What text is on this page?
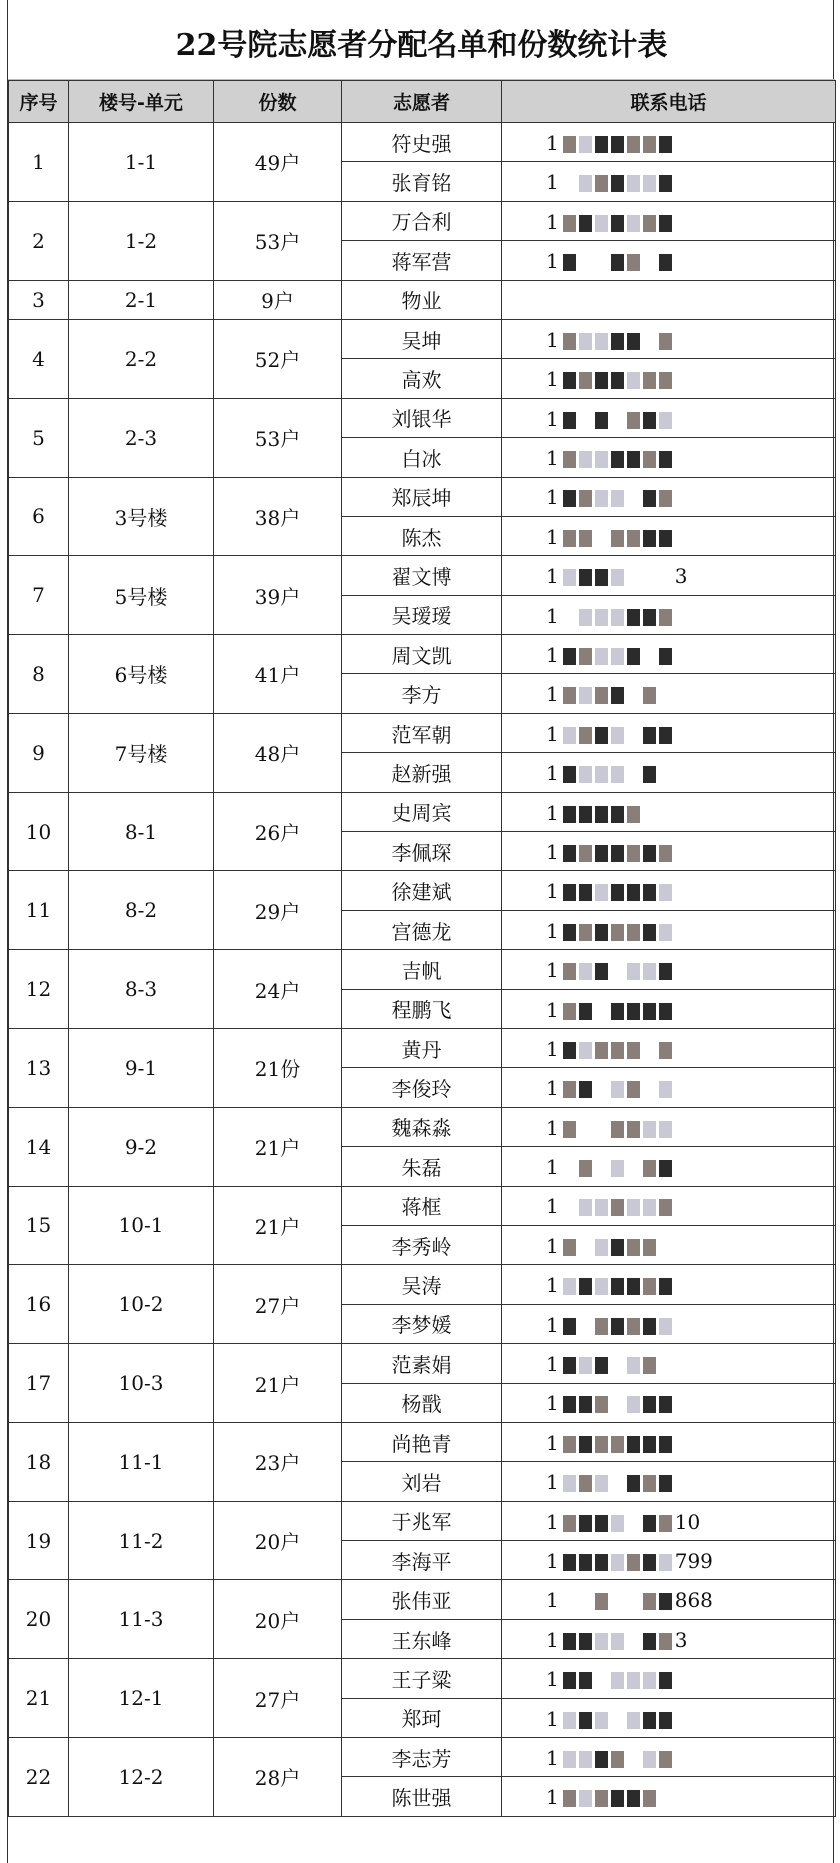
22号院志愿者分配名单和份数统计表
序号	楼号-单元	份数	志愿者	联系电话
1	1-1	49户	符史强	1
			张育铭	1
2	1-2	53户	万合利	1
			蒋军营	1
3	2-1	9户	物业	

4	2-2	52户	吴坤	1
			高欢	1
5	2-3	53户	刘银华	1
			白冰	1
6	3号楼	38户	郑辰坤	1
			陈杰	1
7	5号楼	39户	翟文博	1 3
			吴瑷瑷	1
8	6号楼	41户	周文凯	1
			李方	1
9	7号楼	48户	范军朝	1
			赵新强	1
10	8-1	26户	史周宾	1
			李佩琛	1
11	8-2	29户	徐建斌	1
			宫德龙	1
12	8-3	24户	吉帆	1
			程鹏飞	1
13	9-1	21份	黄丹	1
			李俊玲	1
14	9-2	21户	魏森淼	1
			朱磊	1
15	10-1	21户	蒋框	1
			李秀岭	1
16	10-2	27户	吴涛	1
			李梦媛	1
17	10-3	21户	范素娟	1
			杨戬	1
18	11-1	23户	尚艳青	1
			刘岩	1
19	11-2	20户	于兆军	1 10
			李海平	1 799
20	11-3	20户	张伟亚	1 868
			王东峰	1 3
21	12-1	27户	王子粱	1
			郑珂	1
22	12-2	28户	李志芳	1
			陈世强	1
